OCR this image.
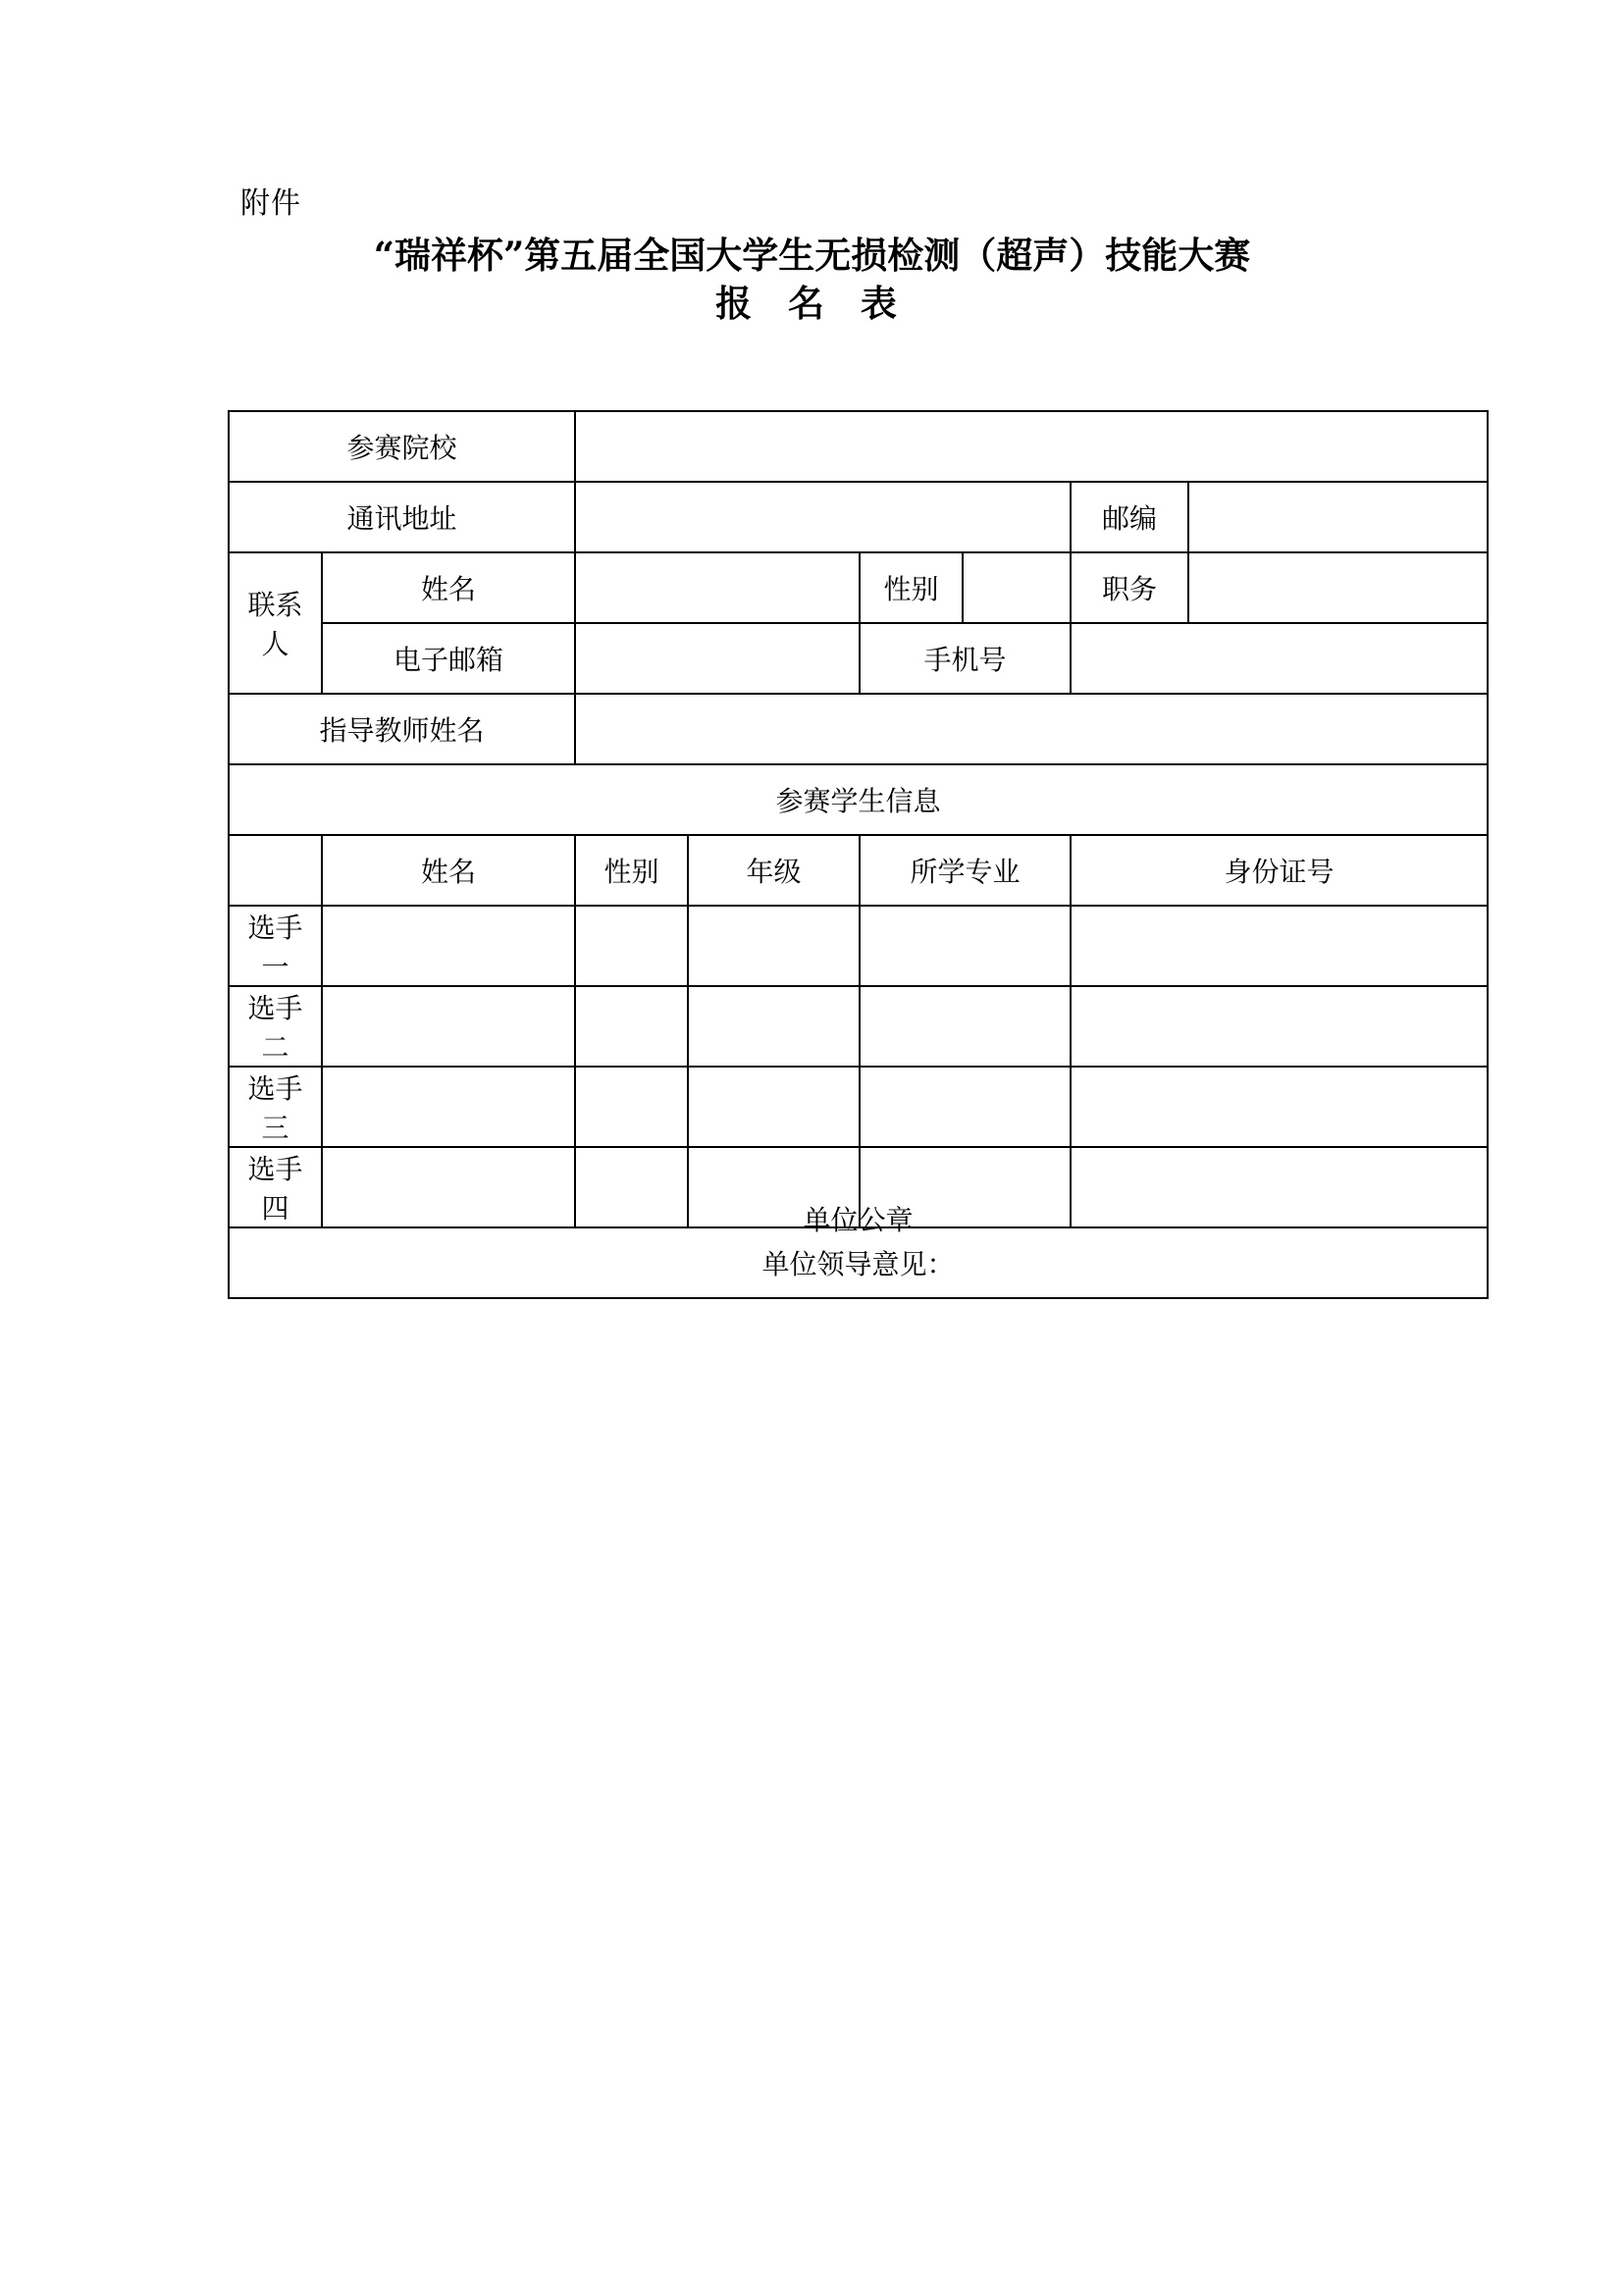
附件
“瑞祥杯”第五届全国大学生无损检测（超声）技能大赛
报 名 表
参赛院校							
通讯地址						邮编	
联系人	姓名			性别		职务	
	电子邮箱			手机号			
指导教师姓名							
参赛学生信息							
	姓名	性别	年级	所学专业		身份证号	
选手一							
选手二							
选手三							
选手四							

单位领导意见：
单位公章							
